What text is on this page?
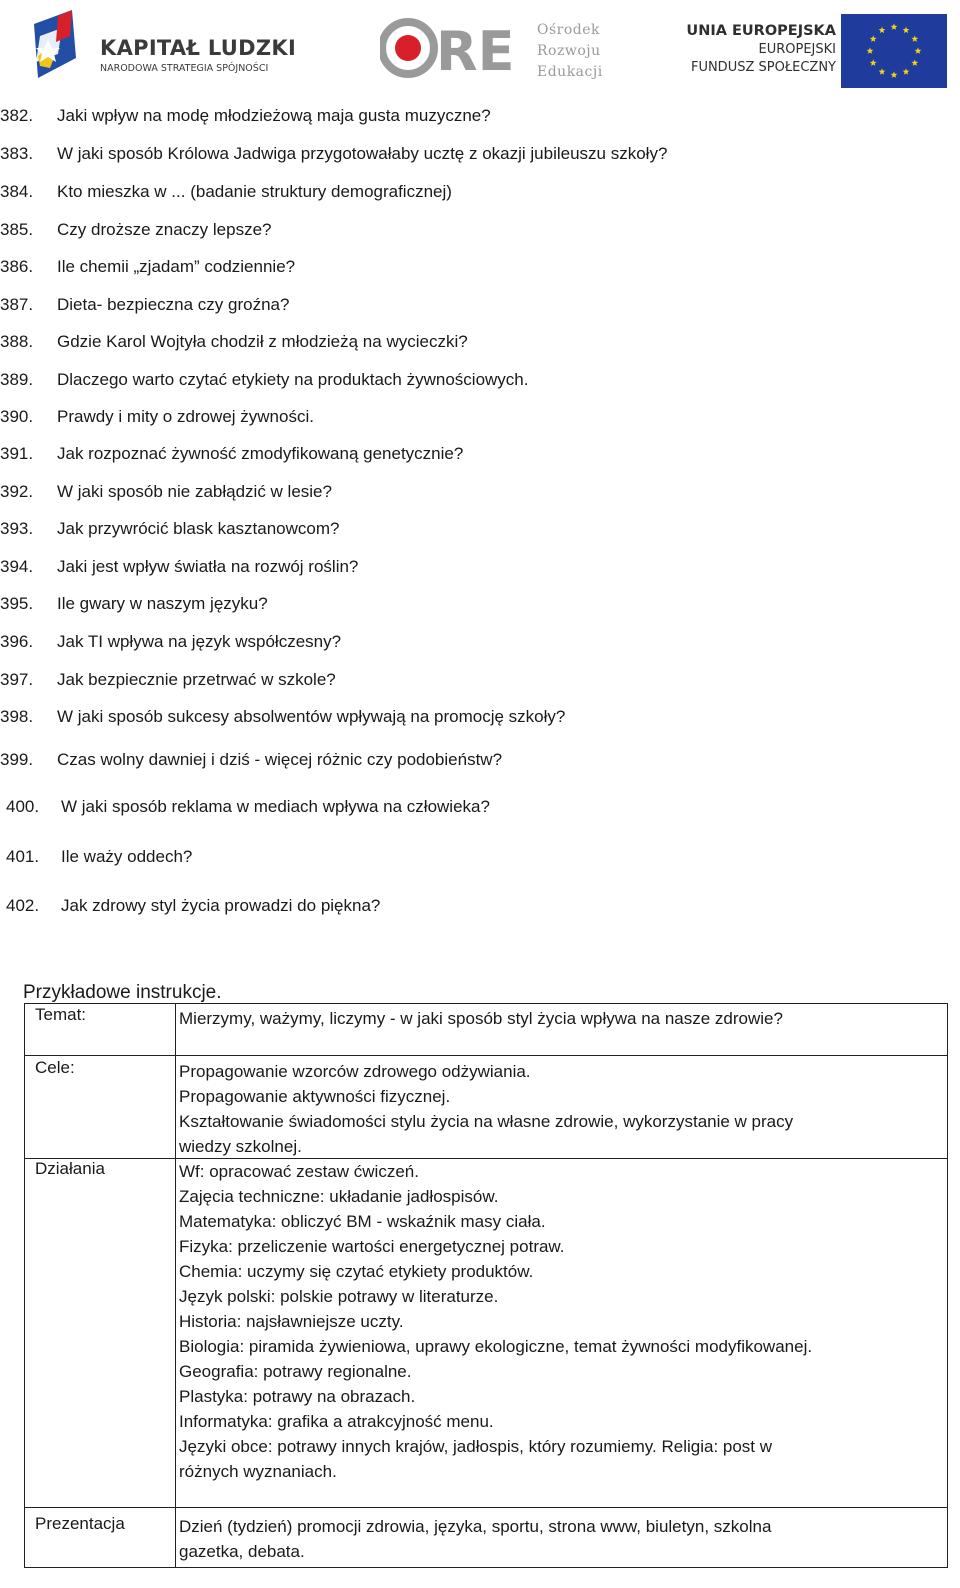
KAPITAŁ LUDZKI
NARODOWA STRATEGIA SPÓJNOŚCI	RE Ośrodek
Rozwoju
Edukacji
UNIA EUROPEJSKA
EUROPEJSKI
FUNDUSZ SPOŁECZNY
382. Jaki wpływ na modę młodzieżową maja gusta muzyczne?
383. W jaki sposób Królowa Jadwiga przygotowałaby ucztę z okazji jubileuszu szkoły?
384. Kto mieszka w ... (badanie struktury demograficznej)
385. Czy droższe znaczy lepsze?
386. Ile chemii „zjadam” codziennie?
387. Dieta- bezpieczna czy groźna?
388. Gdzie Karol Wojtyła chodził z młodzieżą na wycieczki?
389. Dlaczego warto czytać etykiety na produktach żywnościowych.
390. Prawdy i mity o zdrowej żywności.
391. Jak rozpoznać żywność zmodyfikowaną genetycznie?
392. W jaki sposób nie zabłądzić w lesie?
393. Jak przywrócić blask kasztanowcom?
394. Jaki jest wpływ światła na rozwój roślin?
395. Ile gwary w naszym języku?
396. Jak TI wpływa na język współczesny?
397. Jak bezpiecznie przetrwać w szkole?
398. W jaki sposób sukcesy absolwentów wpływają na promocję szkoły?
399. Czas wolny dawniej i dziś - więcej różnic czy podobieństw?
400. W jaki sposób reklama w mediach wpływa na człowieka?
401. Ile waży oddech?
402. Jak zdrowy styl życia prowadzi do piękna?
Przykładowe instrukcje.
Temat:	Mierzymy, ważymy, liczymy - w jaki sposób styl życia wpływa na nasze zdrowie?
Cele:	Propagowanie wzorców zdrowego odżywiania.
Propagowanie aktywności fizycznej.
Kształtowanie świadomości stylu życia na własne zdrowie, wykorzystanie w pracy
wiedzy szkolnej.
Działania	Wf: opracować zestaw ćwiczeń.
Zajęcia techniczne: układanie jadłospisów.
Matematyka: obliczyć BM - wskaźnik masy ciała.
Fizyka: przeliczenie wartości energetycznej potraw.
Chemia: uczymy się czytać etykiety produktów.
Język polski: polskie potrawy w literaturze.
Historia: najsławniejsze uczty.
Biologia: piramida żywieniowa, uprawy ekologiczne, temat żywności modyfikowanej.
Geografia: potrawy regionalne.
Plastyka: potrawy na obrazach.
Informatyka: grafika a atrakcyjność menu.
Języki obce: potrawy innych krajów, jadłospis, który rozumiemy. Religia: post w
różnych wyznaniach.
Prezentacja	Dzień (tydzień) promocji zdrowia, języka, sportu, strona www, biuletyn, szkolna
gazetka, debata.
